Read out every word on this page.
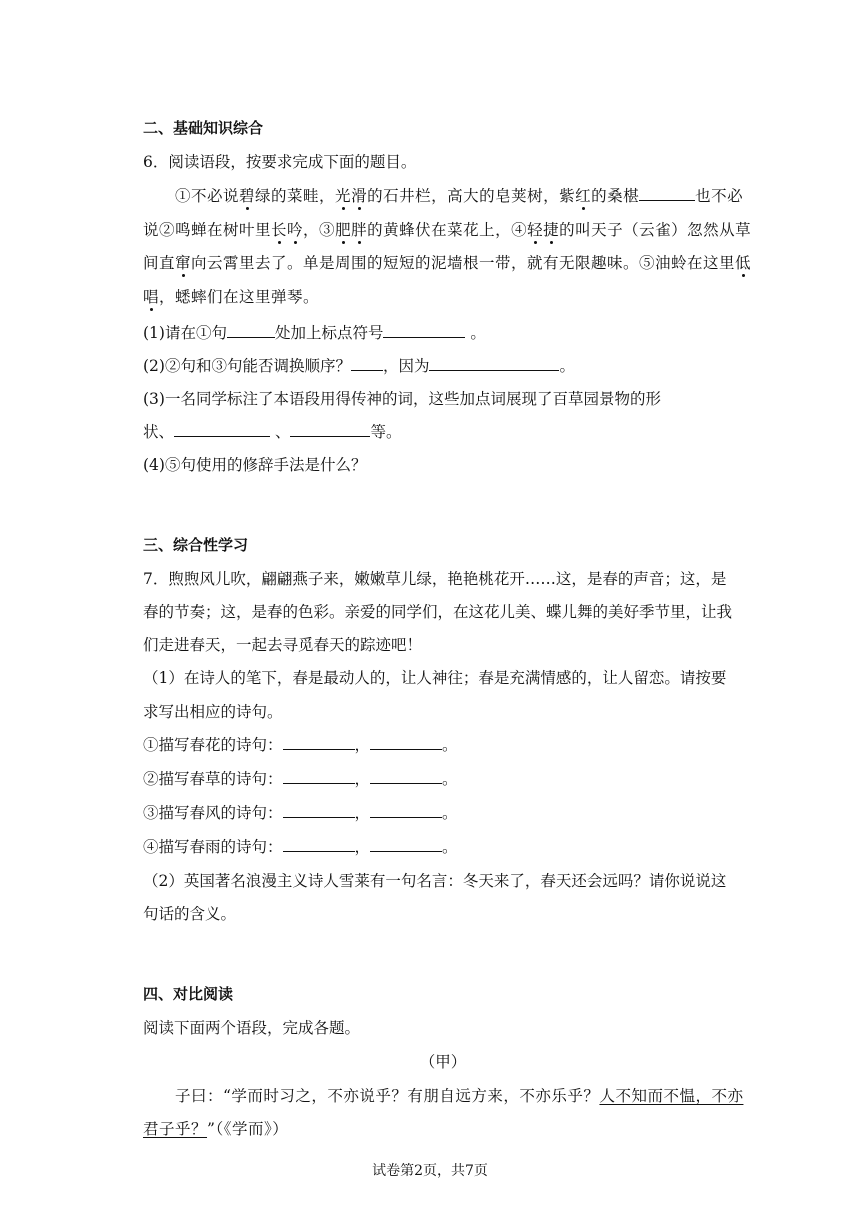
二、基础知识综合
6．阅读语段，按要求完成下面的题目。
①不必说碧绿的菜畦，光滑的石井栏，高大的皂荚树，紫红的桑椹	也不必
说②鸣蝉在树叶里长吟，③肥胖的黄蜂伏在菜花上，④轻捷的叫天子（云雀）忽然从草
间直窜向云霄里去了。单是周围的短短的泥墙根一带，就有无限趣味。⑤油蛉在这里低
唱，蟋蟀们在这里弹琴。
(1)请在①句	处加上标点符号	。
(2)②句和③句能否调换顺序？ ，因为	。
(3)一名同学标注了本语段用得传神的词，这些加点词展现了百草园景物的形
状、	、	等。
(4)⑤句使用的修辞手法是什么？
三、综合性学习
7．煦煦风儿吹，翩翩燕子来，嫩嫩草儿绿，艳艳桃花开……这，是春的声音；这，是
春的节奏；这，是春的色彩。亲爱的同学们，在这花儿美、蝶儿舞的美好季节里，让我
们走进春天，一起去寻觅春天的踪迹吧！
（1）在诗人的笔下，春是最动人的，让人神往；春是充满情感的，让人留恋。请按要
求写出相应的诗句。
①描写春花的诗句：	，	。
②描写春草的诗句：	，	。
③描写春风的诗句：	，	。
④描写春雨的诗句：	，	。
（2）英国著名浪漫主义诗人雪莱有一句名言：冬天来了，春天还会远吗？请你说说这
句话的含义。
四、对比阅读
阅读下面两个语段，完成各题。
（甲）
子曰：“学而时习之，不亦说乎？有朋自远方来，不亦乐乎？人不知而不愠，不亦
君子乎？”（《学而》）
试卷第2页，共7页
